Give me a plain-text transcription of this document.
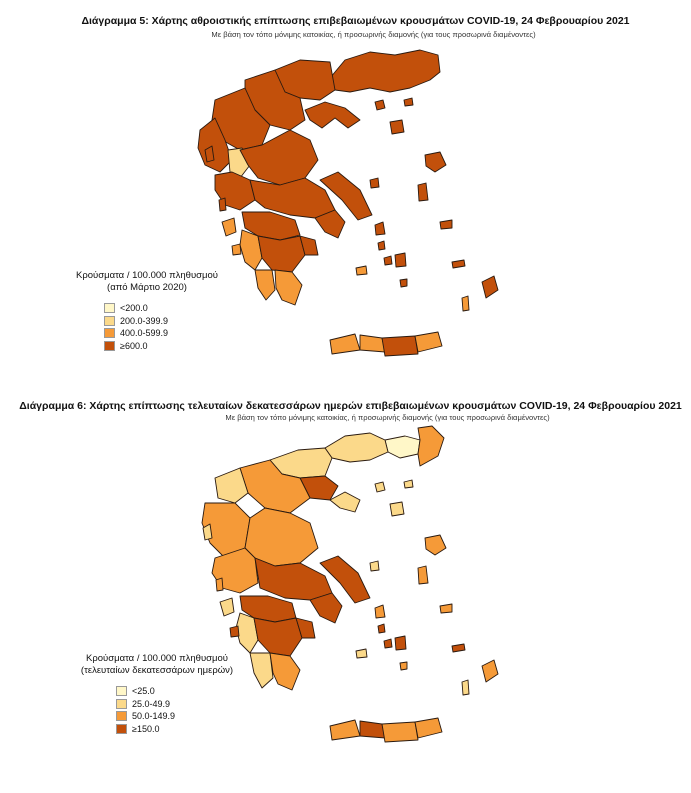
Διάγραμμα 5: Χάρτης αθροιστικής επίπτωσης επιβεβαιωμένων κρουσμάτων COVID-19, 24 Φεβρουαρίου 2021
Με βάση τον τόπο μόνιμης κατοικίας, ή προσωρινής διαμονής (για τους προσωρινά διαμένοντες)
Κρούσματα / 100.000 πληθυσμού
(από Μάρτιο 2020)
<200.0
200.0-399.9
400.0-599.9
≥600.0
Διάγραμμα 6: Χάρτης επίπτωσης τελευταίων δεκατεσσάρων ημερών επιβεβαιωμένων κρουσμάτων COVID-19, 24 Φεβρουαρίου 2021
Με βάση τον τόπο μόνιμης κατοικίας, ή προσωρινής διαμονής (για τους προσωρινά διαμένοντες)
Κρούσματα / 100.000 πληθυσμού
(τελευταίων δεκατεσσάρων ημερών)
<25.0
25.0-49.9
50.0-149.9
≥150.0
